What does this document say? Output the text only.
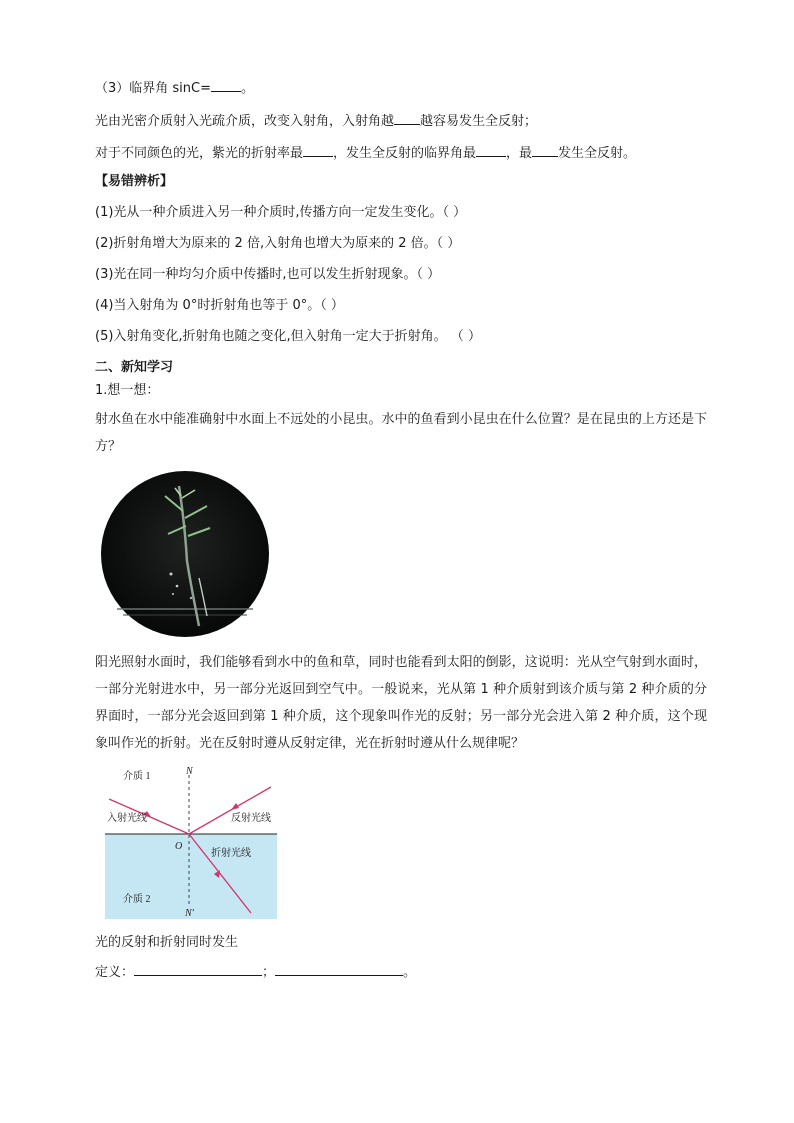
（3）临界角 sinC= 。
光由光密介质射入光疏介质，改变入射角，入射角越 越容易发生全反射；
对于不同颜色的光，紫光的折射率最 ，发生全反射的临界角最 ，最 发生全反射。
【易错辨析】
(1)光从一种介质进入另一种介质时,传播方向一定发生变化。（ ）
(2)折射角增大为原来的 2 倍,入射角也增大为原来的 2 倍。（ ）
(3)光在同一种均匀介质中传播时,也可以发生折射现象。（ ）
(4)当入射角为 0°时折射角也等于 0°。（ ）
(5)入射角变化,折射角也随之变化,但入射角一定大于折射角。 （ ）
二、新知学习
1.想一想：
射水鱼在水中能准确射中水面上不远处的小昆虫。水中的鱼看到小昆虫在什么位置？是在昆虫的上方还是下方？
阳光照射水面时，我们能够看到水中的鱼和草，同时也能看到太阳的倒影，这说明：光从空气射到水面时，一部分光射进水中，另一部分光返回到空气中。一般说来，光从第 1 种介质射到该介质与第 2 种介质的分界面时，一部分光会返回到第 1 种介质，这个现象叫作光的反射；另一部分光会进入第 2 种介质，这个现象叫作光的折射。光在反射时遵从反射定律，光在折射时遵从什么规律呢？
介质 1
介质 2
N
N′
O
入射光线	反射光线
折射光线
光的反射和折射同时发生
定义：	；	。
